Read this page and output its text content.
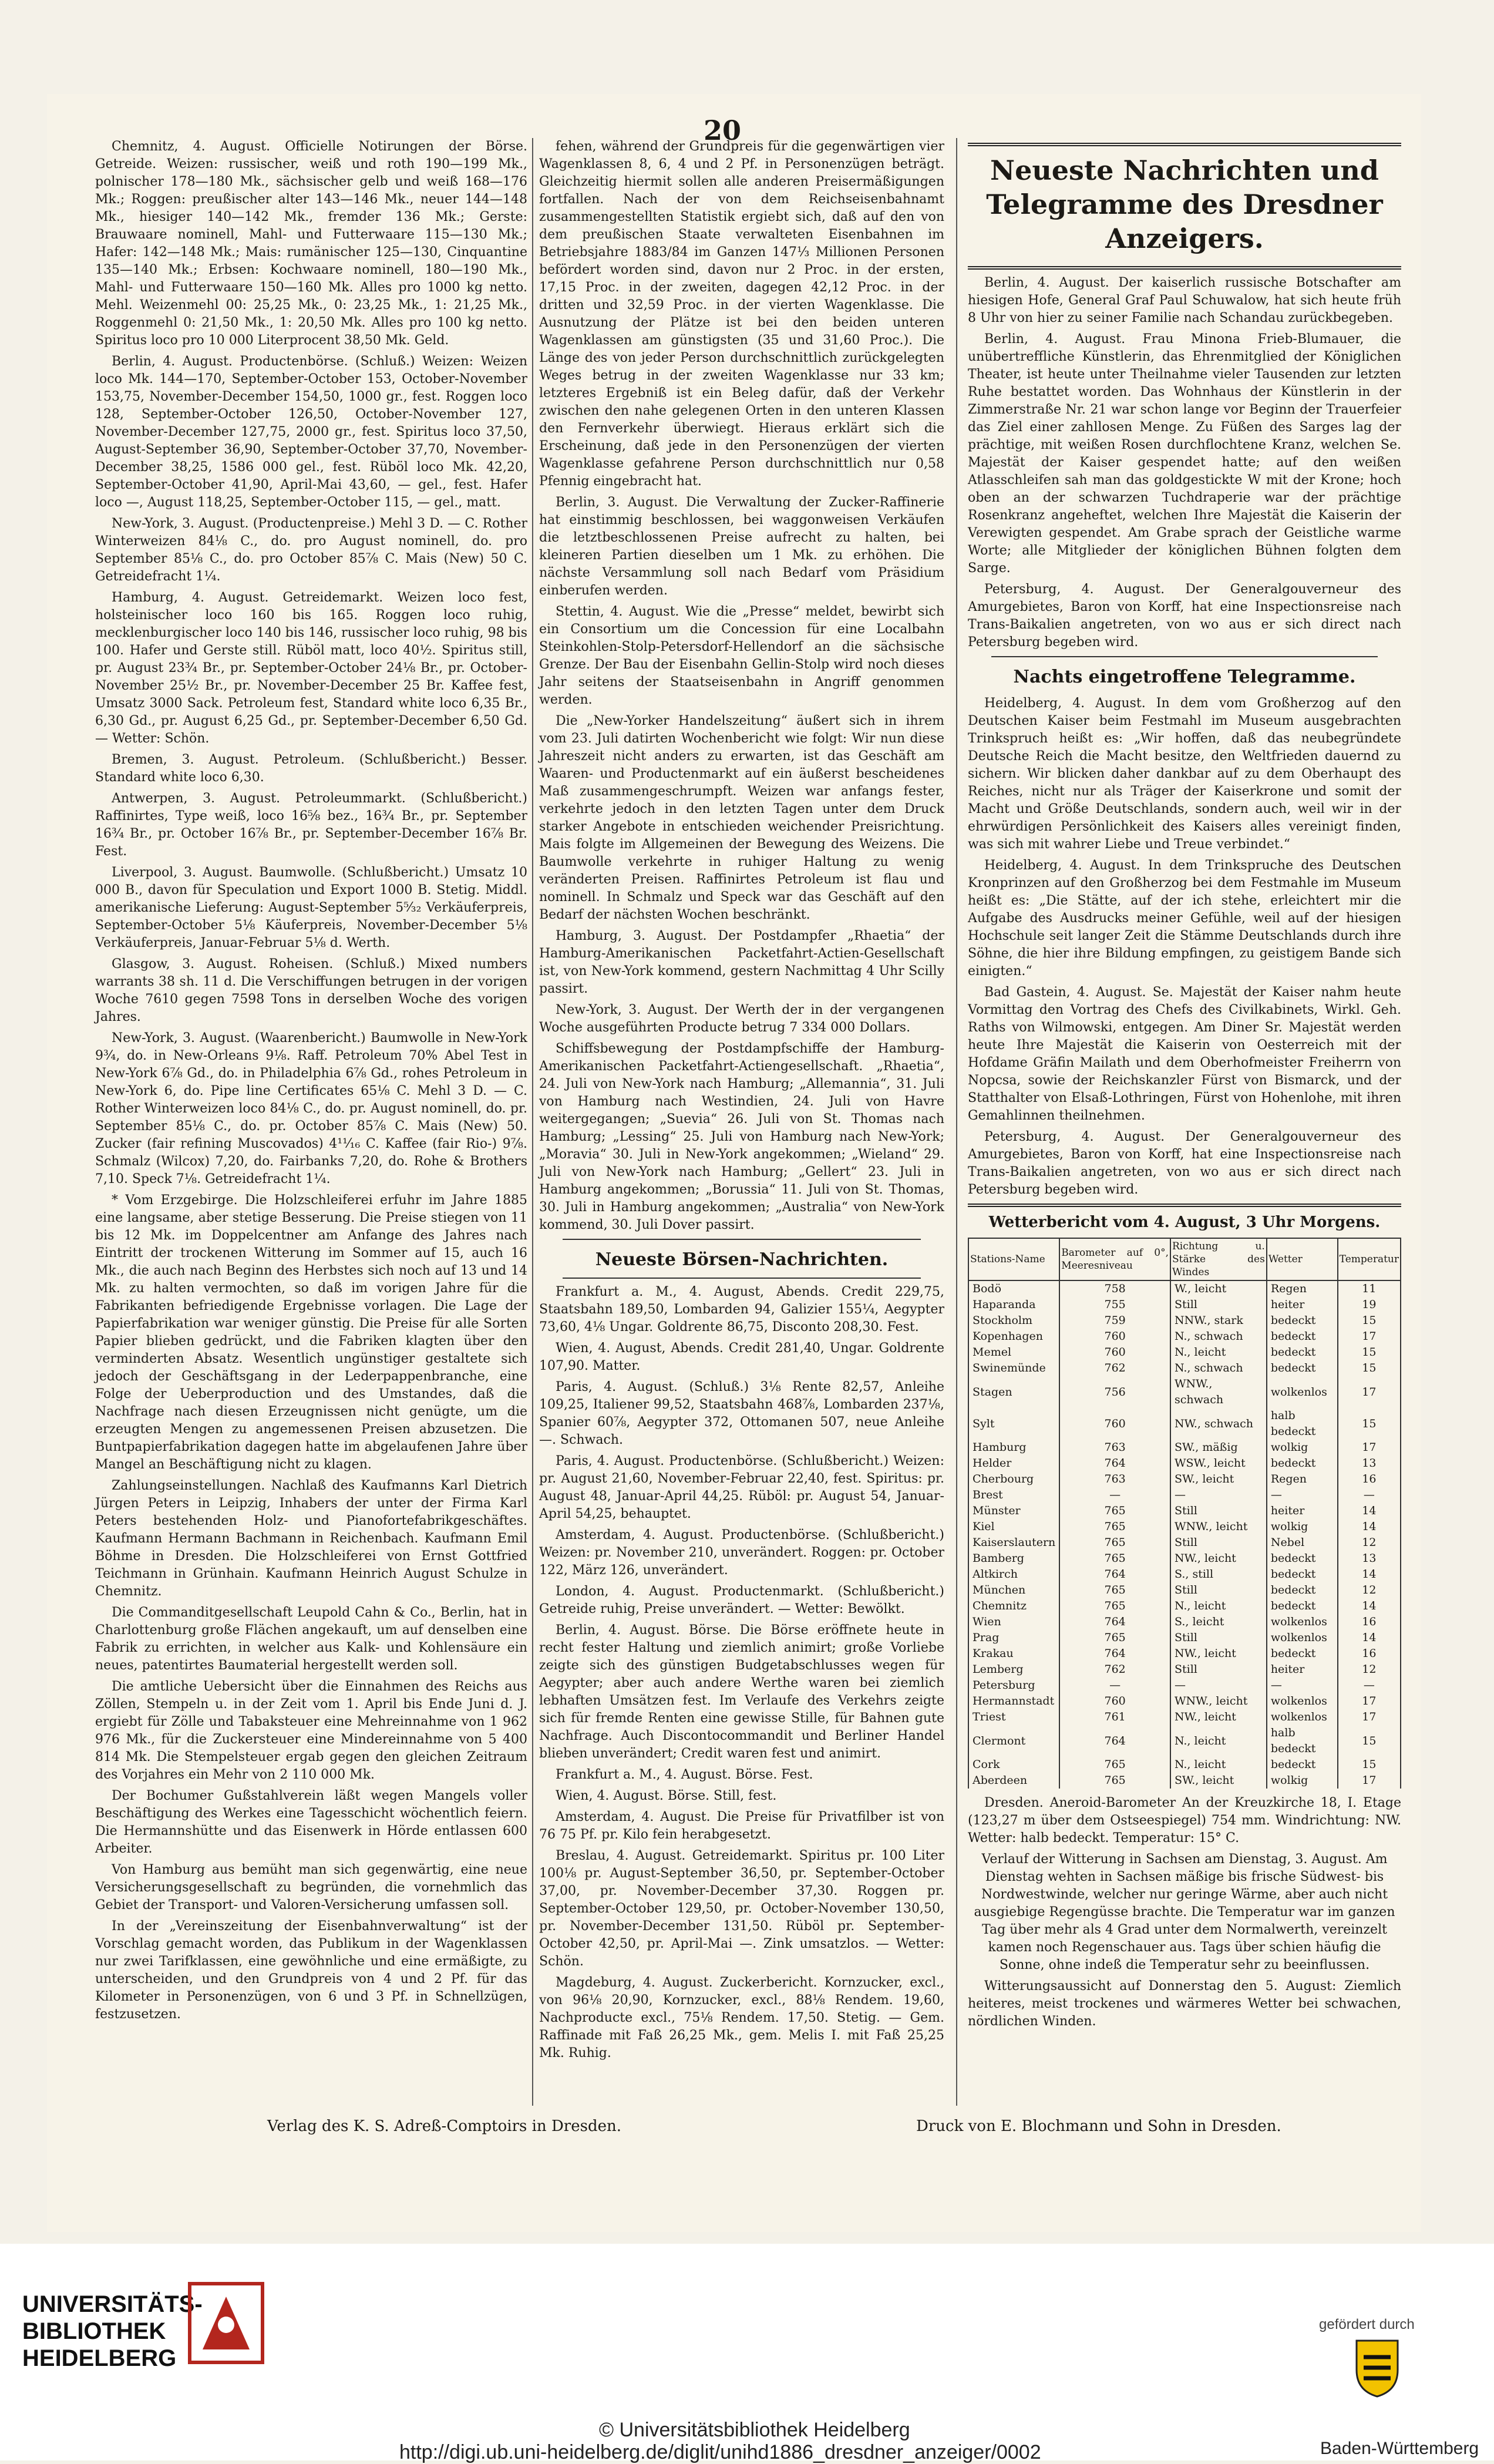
20

Chemnitz, 4. August. Officielle Notirungen der Börse. Getreide. Weizen: russischer, weiß und roth 190—199 Mk., polnischer 178—180 Mk., sächsischer gelb und weiß 168—176 Mk.; Roggen: preußischer alter 143—146 Mk., neuer 144—148 Mk., hiesiger 140—142 Mk., fremder 136 Mk.; Gerste: Brauwaare nominell, Mahl- und Futterwaare 115—130 Mk.; Hafer: 142—148 Mk.; Mais: rumänischer 125—130, Cinquantine 135—140 Mk.; Erbsen: Kochwaare nominell, 180—190 Mk., Mahl- und Futterwaare 150—160 Mk. Alles pro 1000 kg netto. Mehl. Weizenmehl 00: 25,25 Mk., 0: 23,25 Mk., 1: 21,25 Mk., Roggenmehl 0: 21,50 Mk., 1: 20,50 Mk. Alles pro 100 kg netto. Spiritus loco pro 10 000 Literprocent 38,50 Mk. Geld.

Berlin, 4. August. Productenbörse. (Schluß.) Weizen: Weizen loco Mk. 144—170, September-October 153, October-November 153,75, November-December 154,50, 1000 gr., fest. Roggen loco 128, September-October 126,50, October-November 127, November-December 127,75, 2000 gr., fest. Spiritus loco 37,50, August-September 36,90, September-October 37,70, November-December 38,25, 1586 000 gel., fest. Rüböl loco Mk. 42,20, September-October 41,90, April-Mai 43,60, — gel., fest. Hafer loco —, August 118,25, September-October 115, — gel., matt.

New-York, 3. August. (Productenpreise.) Mehl 3 D. — C. Rother Winterweizen 84⅛ C., do. pro August nominell, do. pro September 85⅛ C., do. pro October 85⅞ C. Mais (New) 50 C. Getreidefracht 1¼.

Hamburg, 4. August. Getreidemarkt. Weizen loco fest, holsteinischer loco 160 bis 165. Roggen loco ruhig, mecklenburgischer loco 140 bis 146, russischer loco ruhig, 98 bis 100. Hafer und Gerste still. Rüböl matt, loco 40½. Spiritus still, pr. August 23¾ Br., pr. September-October 24⅛ Br., pr. October-November 25½ Br., pr. November-December 25 Br. Kaffee fest, Umsatz 3000 Sack. Petroleum fest, Standard white loco 6,35 Br., 6,30 Gd., pr. August 6,25 Gd., pr. September-December 6,50 Gd. — Wetter: Schön.

Bremen, 3. August. Petroleum. (Schlußbericht.) Besser. Standard white loco 6,30.

Antwerpen, 3. August. Petroleummarkt. (Schlußbericht.) Raffinirtes, Type weiß, loco 16⅝ bez., 16¾ Br., pr. September 16¾ Br., pr. October 16⅞ Br., pr. September-December 16⅞ Br. Fest.

Liverpool, 3. August. Baumwolle. (Schlußbericht.) Umsatz 10 000 B., davon für Speculation und Export 1000 B. Stetig. Middl. amerikanische Lieferung: August-September 5⁵⁄₃₂ Verkäuferpreis, September-October 5⅛ Käuferpreis, November-December 5⅛ Verkäuferpreis, Januar-Februar 5⅛ d. Werth.

Glasgow, 3. August. Roheisen. (Schluß.) Mixed numbers warrants 38 sh. 11 d. Die Verschiffungen betrugen in der vorigen Woche 7610 gegen 7598 Tons in derselben Woche des vorigen Jahres.

New-York, 3. August. (Waarenbericht.) Baumwolle in New-York 9¾, do. in New-Orleans 9⅛. Raff. Petroleum 70% Abel Test in New-York 6⅞ Gd., do. in Philadelphia 6⅞ Gd., rohes Petroleum in New-York 6, do. Pipe line Certificates 65⅛ C. Mehl 3 D. — C. Rother Winterweizen loco 84⅛ C., do. pr. August nominell, do. pr. September 85⅛ C., do. pr. October 85⅞ C. Mais (New) 50. Zucker (fair refining Muscovados) 4¹¹⁄₁₆ C. Kaffee (fair Rio-) 9⅞. Schmalz (Wilcox) 7,20, do. Fairbanks 7,20, do. Rohe & Brothers 7,10. Speck 7⅛. Getreidefracht 1¼.

* Vom Erzgebirge. Die Holzschleiferei erfuhr im Jahre 1885 eine langsame, aber stetige Besserung. Die Preise stiegen von 11 bis 12 Mk. im Doppelcentner am Anfange des Jahres nach Eintritt der trockenen Witterung im Sommer auf 15, auch 16 Mk., die auch nach Beginn des Herbstes sich noch auf 13 und 14 Mk. zu halten vermochten, so daß im vorigen Jahre für die Fabrikanten befriedigende Ergebnisse vorlagen. Die Lage der Papierfabrikation war weniger günstig. Die Preise für alle Sorten Papier blieben gedrückt, und die Fabriken klagten über den verminderten Absatz. Wesentlich ungünstiger gestaltete sich jedoch der Geschäftsgang in der Lederpappenbranche, eine Folge der Ueberproduction und des Umstandes, daß die Nachfrage nach diesen Erzeugnissen nicht genügte, um die erzeugten Mengen zu angemessenen Preisen abzusetzen. Die Buntpapierfabrikation dagegen hatte im abgelaufenen Jahre über Mangel an Beschäftigung nicht zu klagen.

Zahlungseinstellungen. Nachlaß des Kaufmanns Karl Dietrich Jürgen Peters in Leipzig, Inhabers der unter der Firma Karl Peters bestehenden Holz- und Pianofortefabrikgeschäftes. Kaufmann Hermann Bachmann in Reichenbach. Kaufmann Emil Böhme in Dresden. Die Holzschleiferei von Ernst Gottfried Teichmann in Grünhain. Kaufmann Heinrich August Schulze in Chemnitz.

Die Commanditgesellschaft Leupold Cahn & Co., Berlin, hat in Charlottenburg große Flächen angekauft, um auf denselben eine Fabrik zu errichten, in welcher aus Kalk- und Kohlensäure ein neues, patentirtes Baumaterial hergestellt werden soll.

Die amtliche Uebersicht über die Einnahmen des Reichs aus Zöllen, Stempeln u. in der Zeit vom 1. April bis Ende Juni d. J. ergiebt für Zölle und Tabaksteuer eine Mehreinnahme von 1 962 976 Mk., für die Zuckersteuer eine Mindereinnahme von 5 400 814 Mk. Die Stempelsteuer ergab gegen den gleichen Zeitraum des Vorjahres ein Mehr von 2 110 000 Mk.

Der Bochumer Gußstahlverein läßt wegen Mangels voller Beschäftigung des Werkes eine Tagesschicht wöchentlich feiern. Die Hermannshütte und das Eisenwerk in Hörde entlassen 600 Arbeiter.

Von Hamburg aus bemüht man sich gegenwärtig, eine neue Versicherungsgesellschaft zu begründen, die vornehmlich das Gebiet der Transport- und Valoren-Versicherung umfassen soll.

In der „Vereinszeitung der Eisenbahnverwaltung“ ist der Vorschlag gemacht worden, das Publikum in der Wagenklassen nur zwei Tarifklassen, eine gewöhnliche und eine ermäßigte, zu unterscheiden, und den Grundpreis von 4 und 2 Pf. für das Kilometer in Personenzügen, von 6 und 3 Pf. in Schnellzügen, festzusetzen.

fehen, während der Grundpreis für die gegenwärtigen vier Wagenklassen 8, 6, 4 und 2 Pf. in Personenzügen beträgt. Gleichzeitig hiermit sollen alle anderen Preisermäßigungen fortfallen. Nach der von dem Reichseisenbahnamt zusammengestellten Statistik ergiebt sich, daß auf den von dem preußischen Staate verwalteten Eisenbahnen im Betriebsjahre 1883/84 im Ganzen 147⅓ Millionen Personen befördert worden sind, davon nur 2 Proc. in der ersten, 17,15 Proc. in der zweiten, dagegen 42,12 Proc. in der dritten und 32,59 Proc. in der vierten Wagenklasse. Die Ausnutzung der Plätze ist bei den beiden unteren Wagenklassen am günstigsten (35 und 31,60 Proc.). Die Länge des von jeder Person durchschnittlich zurückgelegten Weges betrug in der zweiten Wagenklasse nur 33 km; letzteres Ergebniß ist ein Beleg dafür, daß der Verkehr zwischen den nahe gelegenen Orten in den unteren Klassen den Fernverkehr überwiegt. Hieraus erklärt sich die Erscheinung, daß jede in den Personenzügen der vierten Wagenklasse gefahrene Person durchschnittlich nur 0,58 Pfennig eingebracht hat.

Berlin, 3. August. Die Verwaltung der Zucker-Raffinerie hat einstimmig beschlossen, bei waggonweisen Verkäufen die letztbeschlossenen Preise aufrecht zu halten, bei kleineren Partien dieselben um 1 Mk. zu erhöhen. Die nächste Versammlung soll nach Bedarf vom Präsidium einberufen werden.

Stettin, 4. August. Wie die „Presse“ meldet, bewirbt sich ein Consortium um die Concession für eine Localbahn Steinkohlen-Stolp-Petersdorf-Hellendorf an die sächsische Grenze. Der Bau der Eisenbahn Gellin-Stolp wird noch dieses Jahr seitens der Staatseisenbahn in Angriff genommen werden.

Die „New-Yorker Handelszeitung“ äußert sich in ihrem vom 23. Juli datirten Wochenbericht wie folgt: Wir nun diese Jahreszeit nicht anders zu erwarten, ist das Geschäft am Waaren- und Productenmarkt auf ein äußerst bescheidenes Maß zusammengeschrumpft. Weizen war anfangs fester, verkehrte jedoch in den letzten Tagen unter dem Druck starker Angebote in entschieden weichender Preisrichtung. Mais folgte im Allgemeinen der Bewegung des Weizens. Die Baumwolle verkehrte in ruhiger Haltung zu wenig veränderten Preisen. Raffinirtes Petroleum ist flau und nominell. In Schmalz und Speck war das Geschäft auf den Bedarf der nächsten Wochen beschränkt.

Hamburg, 3. August. Der Postdampfer „Rhaetia“ der Hamburg-Amerikanischen Packetfahrt-Actien-Gesellschaft ist, von New-York kommend, gestern Nachmittag 4 Uhr Scilly passirt.

New-York, 3. August. Der Werth der in der vergangenen Woche ausgeführten Producte betrug 7 334 000 Dollars.

Schiffsbewegung der Postdampfschiffe der Hamburg-Amerikanischen Packetfahrt-Actiengesellschaft. „Rhaetia“, 24. Juli von New-York nach Hamburg; „Allemannia“, 31. Juli von Hamburg nach Westindien, 24. Juli von Havre weitergegangen; „Suevia“ 26. Juli von St. Thomas nach Hamburg; „Lessing“ 25. Juli von Hamburg nach New-York; „Moravia“ 30. Juli in New-York angekommen; „Wieland“ 29. Juli von New-York nach Hamburg; „Gellert“ 23. Juli in Hamburg angekommen; „Borussia“ 11. Juli von St. Thomas, 30. Juli in Hamburg angekommen; „Australia“ von New-York kommend, 30. Juli Dover passirt.

Neueste Börsen-Nachrichten.

Frankfurt a. M., 4. August, Abends. Credit 229,75, Staatsbahn 189,50, Lombarden 94, Galizier 155¼, Aegypter 73,60, 4⅛ Ungar. Goldrente 86,75, Disconto 208,30. Fest.

Wien, 4. August, Abends. Credit 281,40, Ungar. Goldrente 107,90. Matter.

Paris, 4. August. (Schluß.) 3⅛ Rente 82,57, Anleihe 109,25, Italiener 99,52, Staatsbahn 468⅞, Lombarden 237⅛, Spanier 60⅞, Aegypter 372, Ottomanen 507, neue Anleihe —. Schwach.

Paris, 4. August. Productenbörse. (Schlußbericht.) Weizen: pr. August 21,60, November-Februar 22,40, fest. Spiritus: pr. August 48, Januar-April 44,25. Rüböl: pr. August 54, Januar-April 54,25, behauptet.

Amsterdam, 4. August. Productenbörse. (Schlußbericht.) Weizen: pr. November 210, unverändert. Roggen: pr. October 122, März 126, unverändert.

London, 4. August. Productenmarkt. (Schlußbericht.) Getreide ruhig, Preise unverändert. — Wetter: Bewölkt.

Berlin, 4. August. Börse. Die Börse eröffnete heute in recht fester Haltung und ziemlich animirt; große Vorliebe zeigte sich des günstigen Budgetabschlusses wegen für Aegypter; aber auch andere Werthe waren bei ziemlich lebhaften Umsätzen fest. Im Verlaufe des Verkehrs zeigte sich für fremde Renten eine gewisse Stille, für Bahnen gute Nachfrage. Auch Discontocommandit und Berliner Handel blieben unverändert; Credit waren fest und animirt.

Frankfurt a. M., 4. August. Börse. Fest.

Wien, 4. August. Börse. Still, fest.

Amsterdam, 4. August. Die Preise für Privatfilber ist von 76 75 Pf. pr. Kilo fein herabgesetzt.

Breslau, 4. August. Getreidemarkt. Spiritus pr. 100 Liter 100⅛ pr. August-September 36,50, pr. September-October 37,00, pr. November-December 37,30. Roggen pr. September-October 129,50, pr. October-November 130,50, pr. November-December 131,50. Rüböl pr. September-October 42,50, pr. April-Mai —. Zink umsatzlos. — Wetter: Schön.

Magdeburg, 4. August. Zuckerbericht. Kornzucker, excl., von 96⅛ 20,90, Kornzucker, excl., 88⅛ Rendem. 19,60, Nachproducte excl., 75⅛ Rendem. 17,50. Stetig. — Gem. Raffinade mit Faß 26,25 Mk., gem. Melis I. mit Faß 25,25 Mk. Ruhig.

Neueste Nachrichten und Telegramme des Dresdner Anzeigers.

Berlin, 4. August. Der kaiserlich russische Botschafter am hiesigen Hofe, General Graf Paul Schuwalow, hat sich heute früh 8 Uhr von hier zu seiner Familie nach Schandau zurückbegeben.

Berlin, 4. August. Frau Minona Frieb-Blumauer, die unübertreffliche Künstlerin, das Ehrenmitglied der Königlichen Theater, ist heute unter Theilnahme vieler Tausenden zur letzten Ruhe bestattet worden. Das Wohnhaus der Künstlerin in der Zimmerstraße Nr. 21 war schon lange vor Beginn der Trauerfeier das Ziel einer zahllosen Menge. Zu Füßen des Sarges lag der prächtige, mit weißen Rosen durchflochtene Kranz, welchen Se. Majestät der Kaiser gespendet hatte; auf den weißen Atlasschleifen sah man das goldgestickte W mit der Krone; hoch oben an der schwarzen Tuchdraperie war der prächtige Rosenkranz angeheftet, welchen Ihre Majestät die Kaiserin der Verewigten gespendet. Am Grabe sprach der Geistliche warme Worte; alle Mitglieder der königlichen Bühnen folgten dem Sarge.

Petersburg, 4. August. Der Generalgouverneur des Amurgebietes, Baron von Korff, hat eine Inspectionsreise nach Trans-Baikalien angetreten, von wo aus er sich direct nach Petersburg begeben wird.

Nachts eingetroffene Telegramme.

Heidelberg, 4. August. In dem vom Großherzog auf den Deutschen Kaiser beim Festmahl im Museum ausgebrachten Trinkspruch heißt es: „Wir hoffen, daß das neubegründete Deutsche Reich die Macht besitze, den Weltfrieden dauernd zu sichern. Wir blicken daher dankbar auf zu dem Oberhaupt des Reiches, nicht nur als Träger der Kaiserkrone und somit der Macht und Größe Deutschlands, sondern auch, weil wir in der ehrwürdigen Persönlichkeit des Kaisers alles vereinigt finden, was sich mit wahrer Liebe und Treue verbindet.“

Heidelberg, 4. August. In dem Trinkspruche des Deutschen Kronprinzen auf den Großherzog bei dem Festmahle im Museum heißt es: „Die Stätte, auf der ich stehe, erleichtert mir die Aufgabe des Ausdrucks meiner Gefühle, weil auf der hiesigen Hochschule seit langer Zeit die Stämme Deutschlands durch ihre Söhne, die hier ihre Bildung empfingen, zu geistigem Bande sich einigten.“

Bad Gastein, 4. August. Se. Majestät der Kaiser nahm heute Vormittag den Vortrag des Chefs des Civilkabinets, Wirkl. Geh. Raths von Wilmowski, entgegen. Am Diner Sr. Majestät werden heute Ihre Majestät die Kaiserin von Oesterreich mit der Hofdame Gräfin Mailath und dem Oberhofmeister Freiherrn von Nopcsa, sowie der Reichskanzler Fürst von Bismarck, und der Statthalter von Elsaß-Lothringen, Fürst von Hohenlohe, mit ihren Gemahlinnen theilnehmen.

Petersburg, 4. August. Der Generalgouverneur des Amurgebietes, Baron von Korff, hat eine Inspectionsreise nach Trans-Baikalien angetreten, von wo aus er sich direct nach Petersburg begeben wird.

Wetterbericht vom 4. August, 3 Uhr Morgens.
Stations-Name	Barometer auf 0°, Meeresniveau	Richtung u. Stärke des Windes	Wetter	Temperatur
Bodö	758	W., leicht	Regen	11
Haparanda	755	Still	heiter	19
Stockholm	759	NNW., stark	bedeckt	15
Kopenhagen	760	N., schwach	bedeckt	17
Memel	760	N., leicht	bedeckt	15
Swinemünde	762	N., schwach	bedeckt	15
Stagen	756	WNW., schwach	wolkenlos	17
Sylt	760	NW., schwach	halb bedeckt	15
Hamburg	763	SW., mäßig	wolkig	17
Helder	764	WSW., leicht	bedeckt	13
Cherbourg	763	SW., leicht	Regen	16
Brest	—	—	—	—
Münster	765	Still	heiter	14
Kiel	765	WNW., leicht	wolkig	14
Kaiserslautern	765	Still	Nebel	12
Bamberg	765	NW., leicht	bedeckt	13
Altkirch	764	S., still	bedeckt	14
München	765	Still	bedeckt	12
Chemnitz	765	N., leicht	bedeckt	14
Wien	764	S., leicht	wolkenlos	16
Prag	765	Still	wolkenlos	14
Krakau	764	NW., leicht	bedeckt	16
Lemberg	762	Still	heiter	12
Petersburg	—	—	—	—
Hermannstadt	760	WNW., leicht	wolkenlos	17
Triest	761	NW., leicht	wolkenlos	17
Clermont	764	N., leicht	halb bedeckt	15
Cork	765	N., leicht	bedeckt	15
Aberdeen	765	SW., leicht	wolkig	17

Dresden. Aneroid-Barometer An der Kreuzkirche 18, I. Etage (123,27 m über dem Ostseespiegel) 754 mm. Windrichtung: NW. Wetter: halb bedeckt. Temperatur: 15° C.

Verlauf der Witterung in Sachsen am Dienstag, 3. August. Am Dienstag wehten in Sachsen mäßige bis frische Südwest- bis Nordwestwinde, welcher nur geringe Wärme, aber auch nicht ausgiebige Regengüsse brachte. Die Temperatur war im ganzen Tag über mehr als 4 Grad unter dem Normalwerth, vereinzelt kamen noch Regenschauer aus. Tags über schien häufig die Sonne, ohne indeß die Temperatur sehr zu beeinflussen.

Witterungsaussicht auf Donnerstag den 5. August: Ziemlich heiteres, meist trockenes und wärmeres Wetter bei schwachen, nördlichen Winden.

Verlag des K. S. Adreß-Comptoirs in Dresden.	Druck von E. Blochmann und Sohn in Dresden.
UNIVERSITÄTS-
BIBLIOTHEK
HEIDELBERG
© Universitätsbibliothek Heidelberg
http://digi.ub.uni-heidelberg.de/diglit/unihd1886_dresdner_anzeiger/0002
gefördert durch
Baden-Württemberg
